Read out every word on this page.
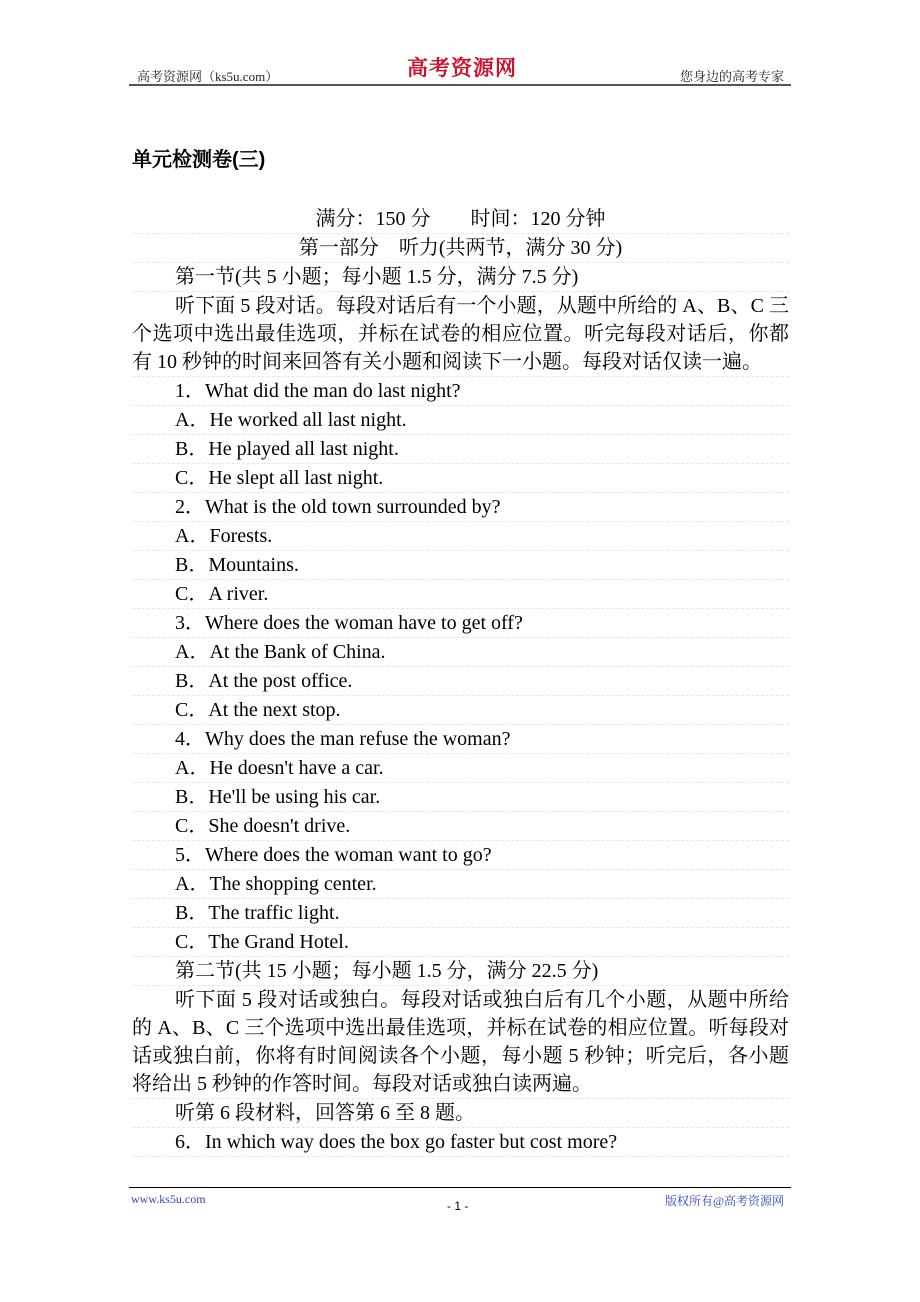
高考资源网（ks5u.com）	高考资源网	您身边的高考专家
单元检测卷(三)

满分：150 分　　时间：120 分钟

第一部分　听力(共两节，满分 30 分)

第一节(共 5 小题；每小题 1.5 分，满分 7.5 分)

听下面 5 段对话。每段对话后有一个小题，从题中所给的 A、B、C 三个选项中选出最佳选项，并标在试卷的相应位置。听完每段对话后，你都有 10 秒钟的时间来回答有关小题和阅读下一小题。每段对话仅读一遍。

1．What did the man do last night?

A．He worked all last night.

B．He played all last night.

C．He slept all last night.

2．What is the old town surrounded by?

A．Forests.

B．Mountains.

C．A river.

3．Where does the woman have to get off?

A．At the Bank of China.

B．At the post office.

C．At the next stop.

4．Why does the man refuse the woman?

A．He doesn't have a car.

B．He'll be using his car.

C．She doesn't drive.

5．Where does the woman want to go?

A．The shopping center.

B．The traffic light.

C．The Grand Hotel.

第二节(共 15 小题；每小题 1.5 分，满分 22.5 分)

听下面 5 段对话或独白。每段对话或独白后有几个小题，从题中所给的 A、B、C 三个选项中选出最佳选项，并标在试卷的相应位置。听每段对话或独白前，你将有时间阅读各个小题，每小题 5 秒钟；听完后，各小题将给出 5 秒钟的作答时间。每段对话或独白读两遍。

听第 6 段材料，回答第 6 至 8 题。

6．In which way does the box go faster but cost more?

www.ks5u.com	- 1 -	版权所有@高考资源网
